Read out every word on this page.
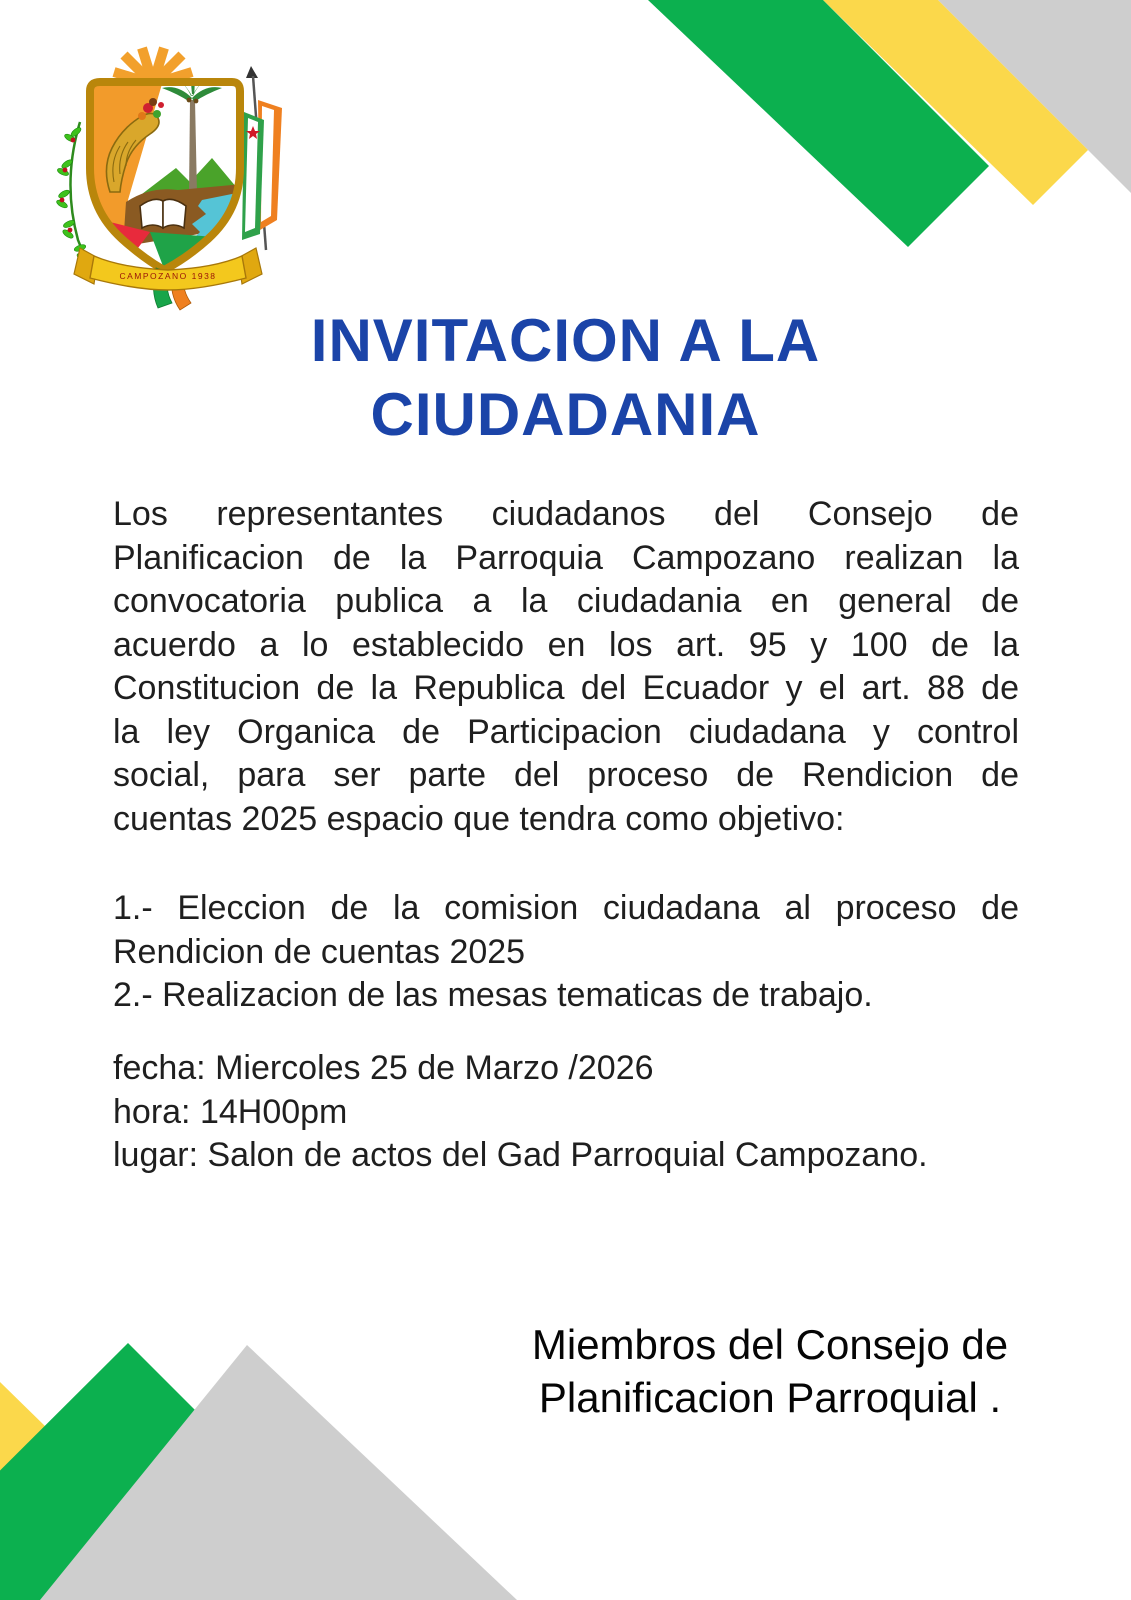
CAMPOZANO 1938
INVITACION A LA
CIUDADANIA
Los representantes ciudadanos del Consejo de
Planificacion de la Parroquia Campozano realizan la
convocatoria publica a la ciudadania en general de
acuerdo a lo establecido en los art. 95 y 100 de la
Constitucion de la Republica del Ecuador y el art. 88 de
la ley Organica de Participacion ciudadana y control
social, para ser parte del proceso de Rendicion de
cuentas 2025 espacio que tendra como objetivo:
1.- Eleccion de la comision ciudadana al proceso de
Rendicion de cuentas 2025
2.- Realizacion de las mesas tematicas de trabajo.
fecha: Miercoles 25 de Marzo /2026
hora: 14H00pm
lugar: Salon de actos del Gad Parroquial Campozano.
Miembros del Consejo de
Planificacion Parroquial .
